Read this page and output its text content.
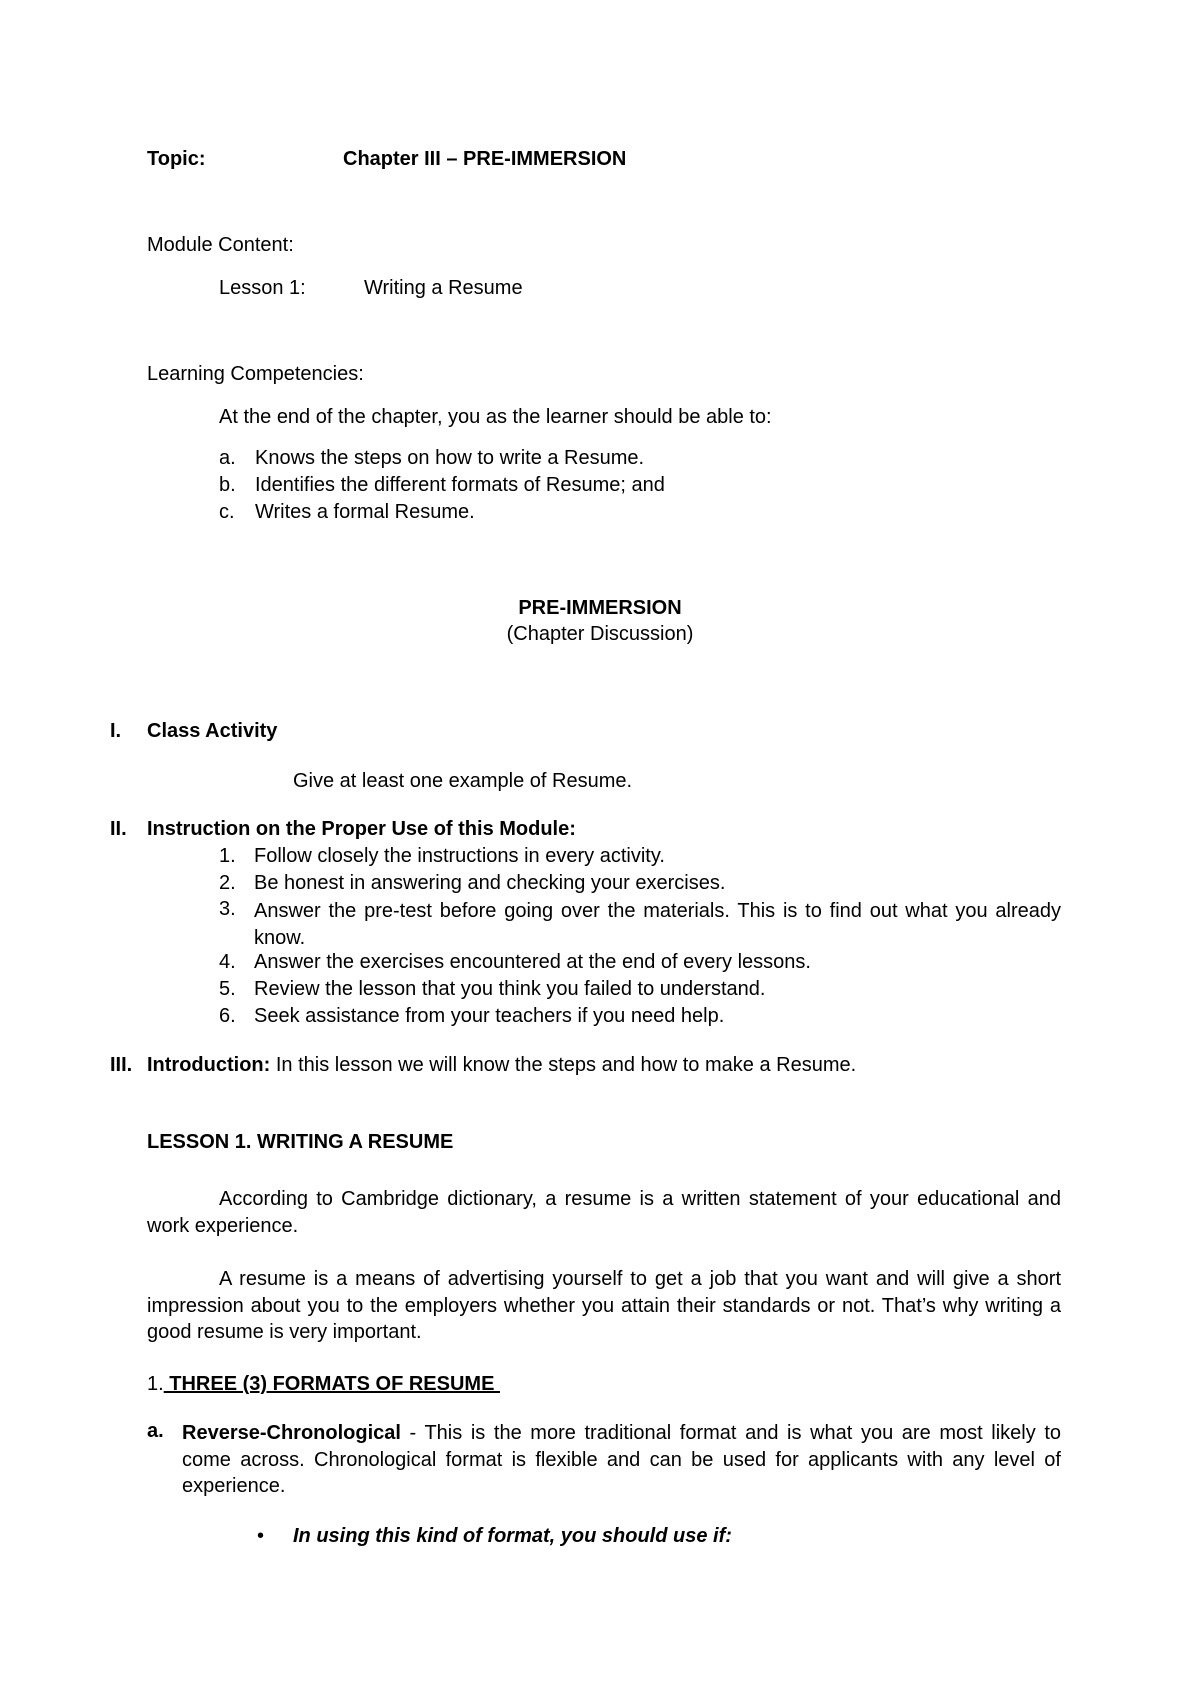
Topic:	Chapter III – PRE-IMMERSION
Module Content:
Lesson 1:	Writing a Resume
Learning Competencies:
At the end of the chapter, you as the learner should be able to:
a. Knows the steps on how to write a Resume.
b. Identifies the different formats of Resume; and
c. Writes a formal Resume.
PRE-IMMERSION
(Chapter Discussion)
I. Class Activity
Give at least one example of Resume.
II. Instruction on the Proper Use of this Module:
1. Follow closely the instructions in every activity.
2. Be honest in answering and checking your exercises.
3. Answer the pre-test before going over the materials. This is to find out what you already know.
4. Answer the exercises encountered at the end of every lessons.
5. Review the lesson that you think you failed to understand.
6. Seek assistance from your teachers if you need help.
III. Introduction: In this lesson we will know the steps and how to make a Resume.
LESSON 1. WRITING A RESUME
According to Cambridge dictionary, a resume is a written statement of your educational and work experience.
A resume is a means of advertising yourself to get a job that you want and will give a short impression about you to the employers whether you attain their standards or not. That’s why writing a good resume is very important.
1. THREE (3) FORMATS OF RESUME
a. Reverse-Chronological - This is the more traditional format and is what you are most likely to come across. Chronological format is flexible and can be used for applicants with any level of experience.
• In using this kind of format, you should use if:
